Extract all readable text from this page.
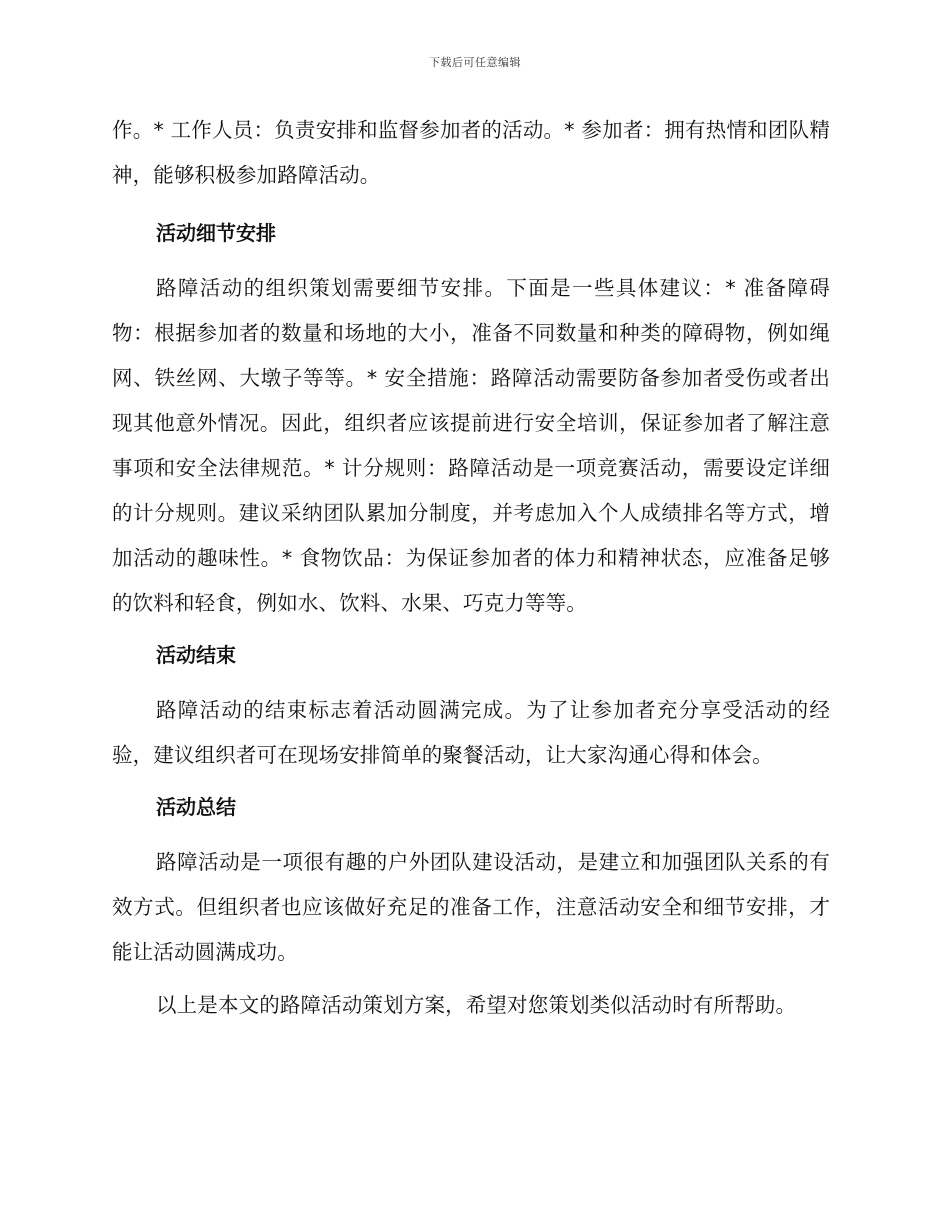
下载后可任意编辑

作。* 工作人员：负责安排和监督参加者的活动。* 参加者：拥有热情和团队精神，能够积极参加路障活动。

活动细节安排

路障活动的组织策划需要细节安排。下面是一些具体建议：* 准备障碍物：根据参加者的数量和场地的大小，准备不同数量和种类的障碍物，例如绳网、铁丝网、大墩子等等。* 安全措施：路障活动需要防备参加者受伤或者出现其他意外情况。因此，组织者应该提前进行安全培训，保证参加者了解注意事项和安全法律规范。* 计分规则：路障活动是一项竞赛活动，需要设定详细的计分规则。建议采纳团队累加分制度，并考虑加入个人成绩排名等方式，增加活动的趣味性。* 食物饮品：为保证参加者的体力和精神状态，应准备足够的饮料和轻食，例如水、饮料、水果、巧克力等等。

活动结束

路障活动的结束标志着活动圆满完成。为了让参加者充分享受活动的经验，建议组织者可在现场安排简单的聚餐活动，让大家沟通心得和体会。

活动总结

路障活动是一项很有趣的户外团队建设活动，是建立和加强团队关系的有效方式。但组织者也应该做好充足的准备工作，注意活动安全和细节安排，才能让活动圆满成功。

以上是本文的路障活动策划方案，希望对您策划类似活动时有所帮助。
